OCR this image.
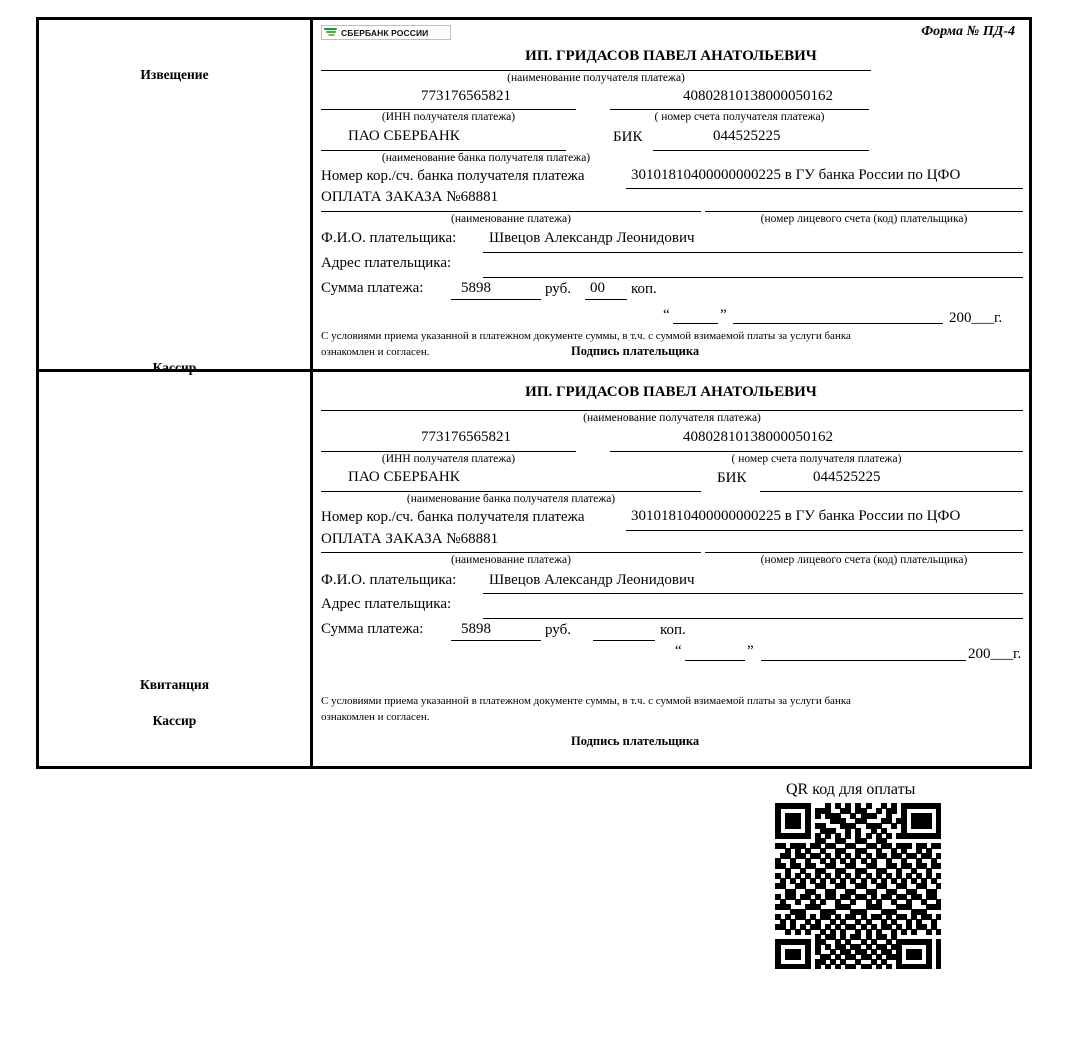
Извещение
Кассир
СБЕРБАНК РОССИИ	Форма № ПД-4
ИП. ГРИДАСОВ ПАВЕЛ АНАТОЛЬЕВИЧ
(наименование получателя платежа)
773176565821
(ИНН получателя платежа)
40802810138000050162
( номер счета получателя платежа)
ПАО СБЕРБАНК
(наименование банка получателя платежа)
БИК	044525225
Номер кор./сч. банка получателя платежа	30101810400000000225 в ГУ банка России по ЦФО
ОПЛАТА ЗАКАЗА №68881
(наименование платежа)	(номер лицевого счета (код) плательщика)
Ф.И.О. плательщика: Швецов Александр Леонидович
Адрес плательщика:
Сумма платежа:	5898	руб. 00 коп.
“	”	200___г.
С условиями приема указанной в платежном документе суммы, в т.ч. с суммой взимаемой платы за услуги банка
ознакомлен и согласен.	Подпись плательщика
Квитанция
Кассир
ИП. ГРИДАСОВ ПАВЕЛ АНАТОЛЬЕВИЧ
(наименование получателя платежа)
773176565821
(ИНН получателя платежа)
40802810138000050162
( номер счета получателя платежа)
ПАО СБЕРБАНК
(наименование банка получателя платежа)
БИК	044525225
Номер кор./сч. банка получателя платежа	30101810400000000225 в ГУ банка России по ЦФО
ОПЛАТА ЗАКАЗА №68881
(наименование платежа)	(номер лицевого счета (код) плательщика)
Ф.И.О. плательщика: Швецов Александр Леонидович
Адрес плательщика:
Сумма платежа:	5898	руб.	коп.
“	”	200___г.
С условиями приема указанной в платежном документе суммы, в т.ч. с суммой взимаемой платы за услуги банка
ознакомлен и согласен.
Подпись плательщика
QR код для оплаты
